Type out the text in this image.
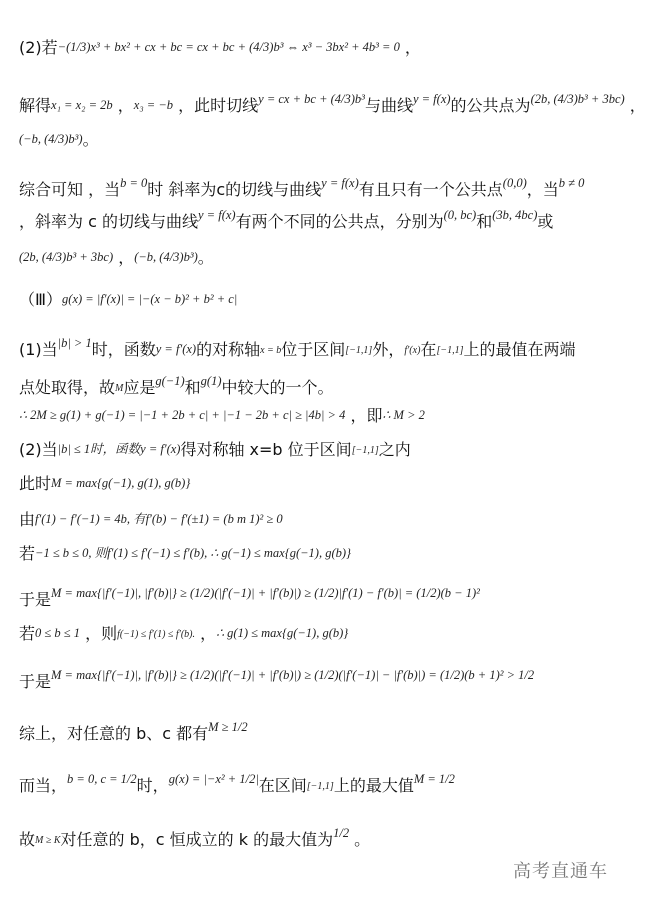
(2)若−(1/3)x³ + bx² + cx + bc = cx + bc + (4/3)b³ ⇔ x³ − 3bx² + 4b³ = 0 ，
解得x₁ = x₂ = 2b ，x₃ = −b ，此时切线$^{y = cx + bc + (4/3)b^3}$与曲线$^{y = f(x)}$的公共点为$^{(2b, (4/3)b^3 + 3bc)}$ ，
(−b, (4/3)b³)。
综合可知 ，当$^{b = 0}$时 斜率为c的切线与曲线$^{y = f(x)}$有且只有一个公共点$^{(0,0)}$，当$^{b \ne 0}$
，斜率为 c 的切线与曲线$^{y = f(x)}$有两个不同的公共点，分别为$^{(0, bc)}$和$^{(3b, 4bc)}$或
(2b, (4/3)b³ + 3bc) ，(−b, (4/3)b³)。
（Ⅲ）g(x) = |f′(x)| = |−(x − b)² + b² + c|
(1)当$^{|b| > 1}$时，函数y = f′(x)的对称轴x = b位于区间[−1,1]外，f′(x)在[−1,1]上的最值在两端
点处取得，故M应是$^{g(-1)}$和$^{g(1)}$中较大的一个。
∴ 2M ≥ g(1) + g(−1) = |−1 + 2b + c| + |−1 − 2b + c| ≥ |4b| > 4 ，即∴ M > 2
(2)当|b| ≤ 1时，函数y = f′(x)得对称轴 x=b 位于区间[−1,1]之内
此时M = max{g(−1), g(1), g(b)}
由f′(1) − f′(−1) = 4b, 有f′(b) − f′(±1) = (b m 1)² ≥ 0
若−1 ≤ b ≤ 0, 则f′(1) ≤ f′(−1) ≤ f′(b), ∴ g(−1) ≤ max{g(−1), g(b)}
于是$^{M = max\{|f'(-1)|, |f'(b)|\} \ge (1/2)(|f'(-1)| + |f'(b)|) \ge (1/2)|f'(1) - f'(b)| = (1/2)(b - 1)^2}$
若0 ≤ b ≤ 1 ，则f(−1) ≤ f′(1) ≤ f′(b). ，∴ g(1) ≤ max{g(−1), g(b)}
于是$^{M = max\{|f'(-1)|, |f'(b)|\} \ge (1/2)(|f'(-1)| + |f'(b)|) \ge (1/2)(|f'(-1)| - |f'(b)|) = (1/2)(b + 1)^2 > 1/2}$
综上，对任意的 b、c 都有$^{M \ge 1/2}$
而当，$^{b = 0, c = 1/2}$时，$^{g(x) = |-x^2 + 1/2|}$在区间[−1,1]上的最大值$^{M = 1/2}$
故M ≥ K对任意的 b，c 恒成立的 k 的最大值为$^{1/2}$ 。
高考直通车
